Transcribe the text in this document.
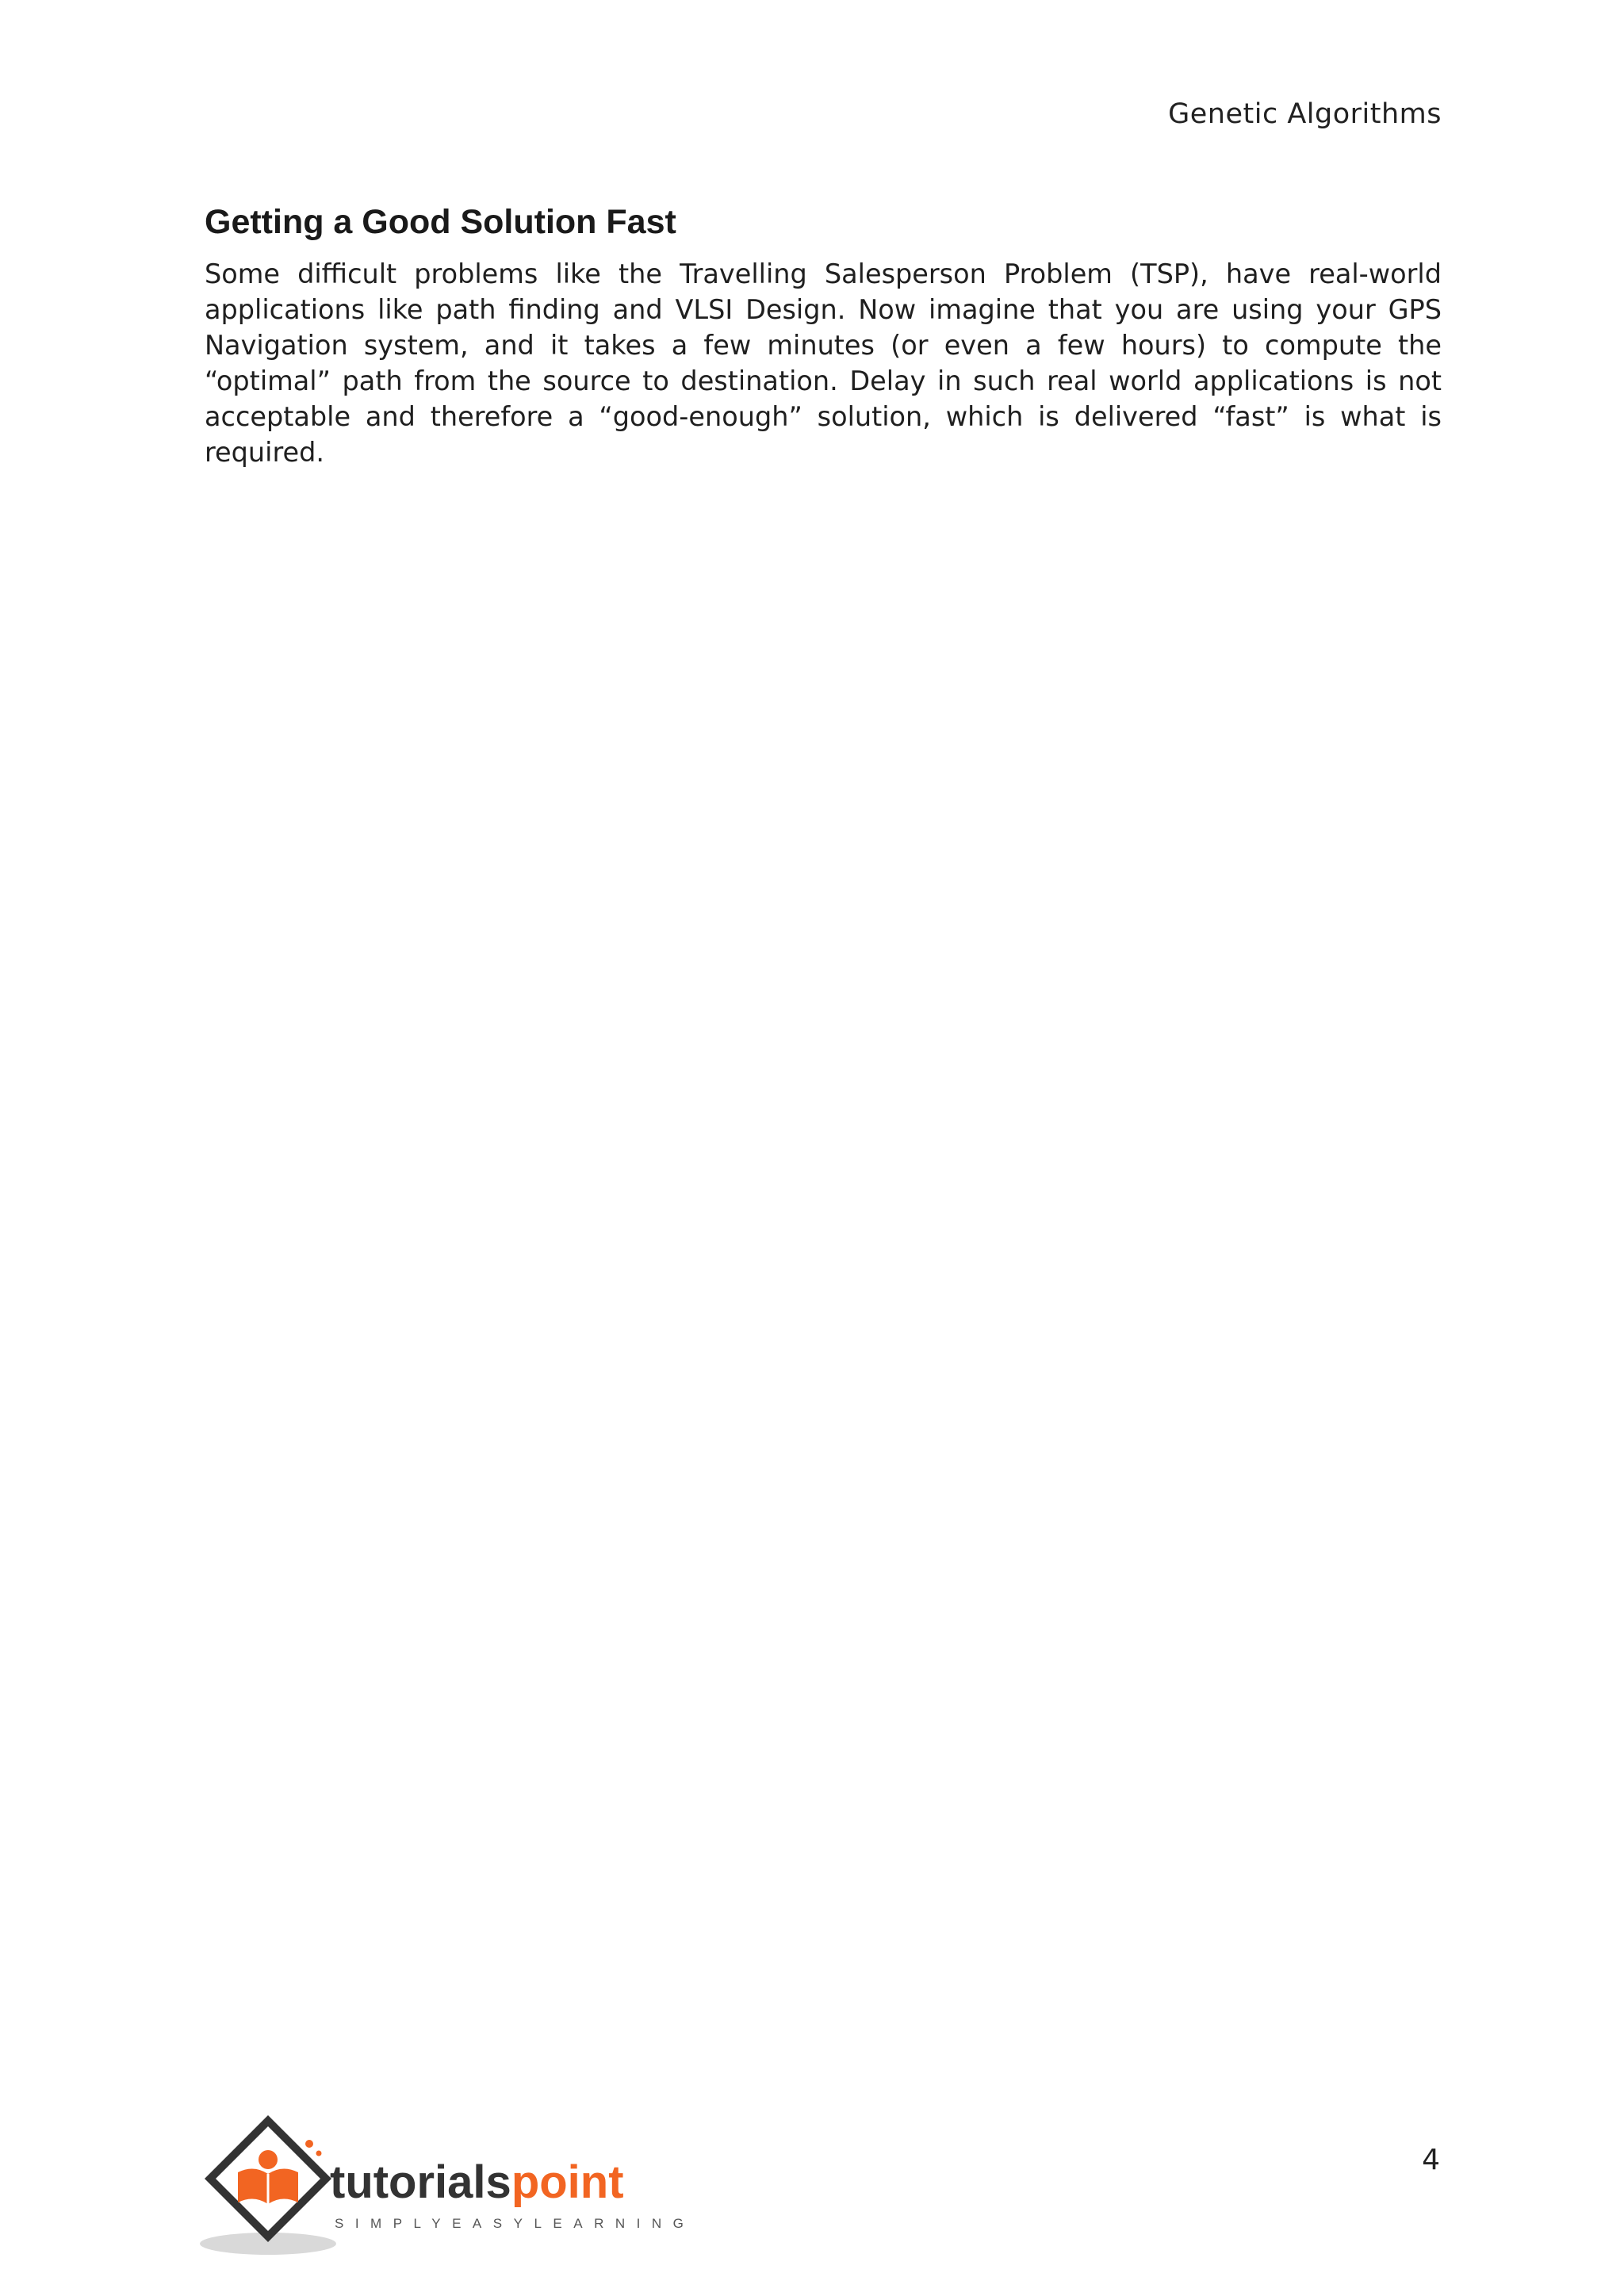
Genetic Algorithms
Getting a Good Solution Fast

Some difficult problems like the Travelling Salesperson Problem (TSP), have real-world applications like path finding and VLSI Design. Now imagine that you are using your GPS Navigation system, and it takes a few minutes (or even a few hours) to compute the “optimal” path from the source to destination. Delay in such real world applications is not acceptable and therefore a “good-enough” solution, which is delivered “fast” is what is required.

tutorialspoint
SIMPLYEASYLEARNING
4
